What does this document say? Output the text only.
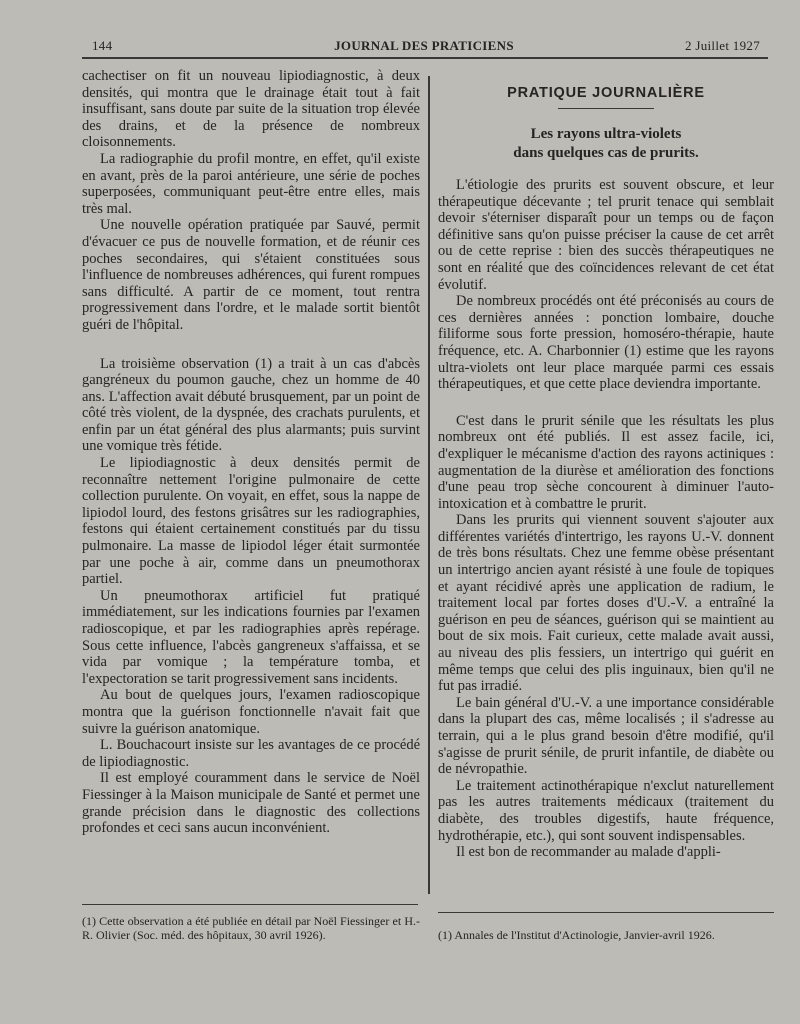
144	JOURNAL DES PRATICIENS	2 Juillet 1927

cachectiser on fit un nouveau lipiodiagnostic, à deux densités, qui montra que le drainage était tout à fait insuffisant, sans doute par suite de la situation trop élevée des drains, et de la présence de nombreux cloisonnements.

La radiographie du profil montre, en effet, qu'il existe en avant, près de la paroi antérieure, une série de poches superposées, communiquant peut-être entre elles, mais très mal.

Une nouvelle opération pratiquée par Sauvé, permit d'évacuer ce pus de nouvelle formation, et de réunir ces poches secondaires, qui s'étaient constituées sous l'influence de nombreuses adhérences, qui furent rompues sans difficulté. A partir de ce moment, tout rentra progressivement dans l'ordre, et le malade sortit bientôt guéri de l'hôpital.

La troisième observation (1) a trait à un cas d'abcès gangréneux du poumon gauche, chez un homme de 40 ans. L'affection avait débuté brusquement, par un point de côté très violent, de la dyspnée, des crachats purulents, et enfin par un état général des plus alarmants; puis survint une vomique très fétide.

Le lipiodiagnostic à deux densités permit de reconnaître nettement l'origine pulmonaire de cette collection purulente. On voyait, en effet, sous la nappe de lipiodol lourd, des festons grisâtres sur les radiographies, festons qui étaient certainement constitués par du tissu pulmonaire. La masse de lipiodol léger était surmontée par une poche à air, comme dans un pneumothorax partiel.

Un pneumothorax artificiel fut pratiqué immédiatement, sur les indications fournies par l'examen radioscopique, et par les radiographies après repérage. Sous cette influence, l'abcès gangreneux s'affaissa, et se vida par vomique ; la température tomba, et l'expectoration se tarit progressivement sans incidents.

Au bout de quelques jours, l'examen radioscopique montra que la guérison fonctionnelle n'avait fait que suivre la guérison anatomique.

L. Bouchacourt insiste sur les avantages de ce procédé de lipiodiagnostic.

Il est employé couramment dans le service de Noël Fiessinger à la Maison municipale de Santé et permet une grande précision dans le diagnostic des collections profondes et ceci sans aucun inconvénient.

PRATIQUE JOURNALIÈRE
Les rayons ultra-violets
dans quelques cas de prurits.

L'étiologie des prurits est souvent obscure, et leur thérapeutique décevante ; tel prurit tenace qui semblait devoir s'éterniser disparaît pour un temps ou de façon définitive sans qu'on puisse préciser la cause de cet arrêt ou de cette reprise : bien des succès thérapeutiques ne sont en réalité que des coïncidences relevant de cet état évolutif.

De nombreux procédés ont été préconisés au cours de ces dernières années : ponction lombaire, douche filiforme sous forte pression, homoséro-thérapie, haute fréquence, etc. A. Charbonnier (1) estime que les rayons ultra-violets ont leur place marquée parmi ces essais thérapeutiques, et que cette place deviendra importante.

C'est dans le prurit sénile que les résultats les plus nombreux ont été publiés. Il est assez facile, ici, d'expliquer le mécanisme d'action des rayons actiniques : augmentation de la diurèse et amélioration des fonctions d'une peau trop sèche concourent à diminuer l'auto-intoxication et à combattre le prurit.

Dans les prurits qui viennent souvent s'ajouter aux différentes variétés d'intertrigo, les rayons U.-V. donnent de très bons résultats. Chez une femme obèse présentant un intertrigo ancien ayant résisté à une foule de topiques et ayant récidivé après une application de radium, le traitement local par fortes doses d'U.-V. a entraîné la guérison en peu de séances, guérison qui se maintient au bout de six mois. Fait curieux, cette malade avait aussi, au niveau des plis fessiers, un intertrigo qui guérit en même temps que celui des plis inguinaux, bien qu'il ne fut pas irradié.

Le bain général d'U.-V. a une importance considérable dans la plupart des cas, même localisés ; il s'adresse au terrain, qui a le plus grand besoin d'être modifié, qu'il s'agisse de prurit sénile, de prurit infantile, de diabète ou de névropathie.

Le traitement actinothérapique n'exclut naturellement pas les autres traitements médicaux (traitement du diabète, des troubles digestifs, haute fréquence, hydrothérapie, etc.), qui sont souvent indispensables.

Il est bon de recommander au malade d'appli-

(1) Cette observation a été publiée en détail par Noël Fiessinger et H.-R. Olivier (Soc. méd. des hôpitaux, 30 avril 1926).	(1) Annales de l'Institut d'Actinologie, Janvier-avril 1926.
